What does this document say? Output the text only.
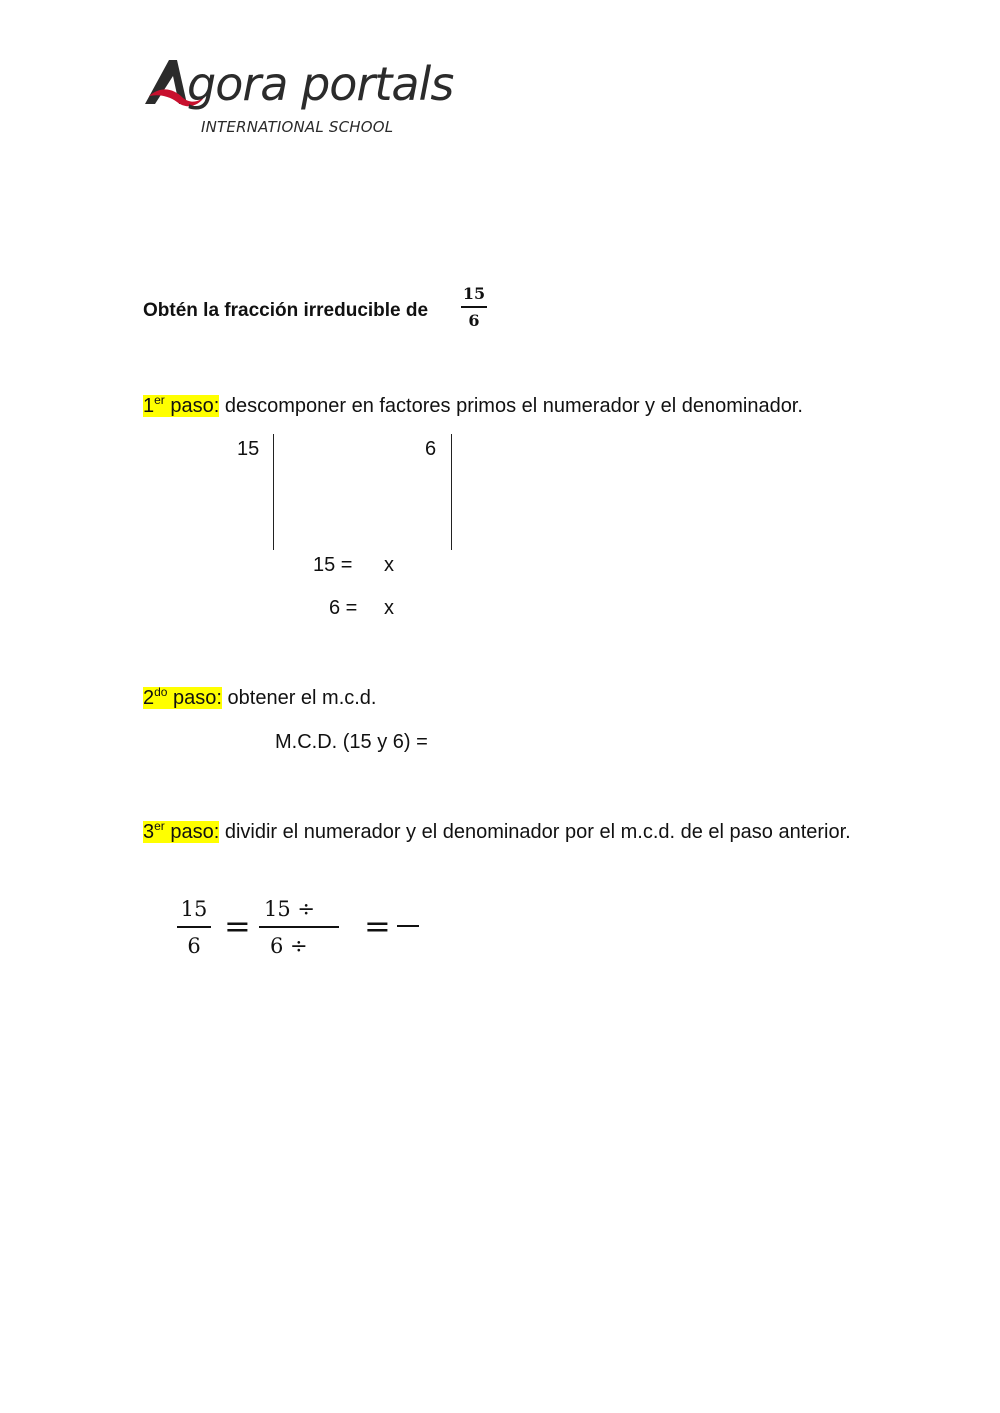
gora portals
INTERNATIONAL SCHOOL
Obtén la fracción irreducible de
15
6
1er paso: descomponer en factores primos el numerador y el denominador.
15	6
15 = x
6 = x
$2^{do}$ paso: obtener el m.c.d.
M.C.D. (15 y 6) =
3er paso: dividir el numerador y el denominador por el m.c.d. de el paso anterior.
15
6
= 15 ÷
6 ÷
=
